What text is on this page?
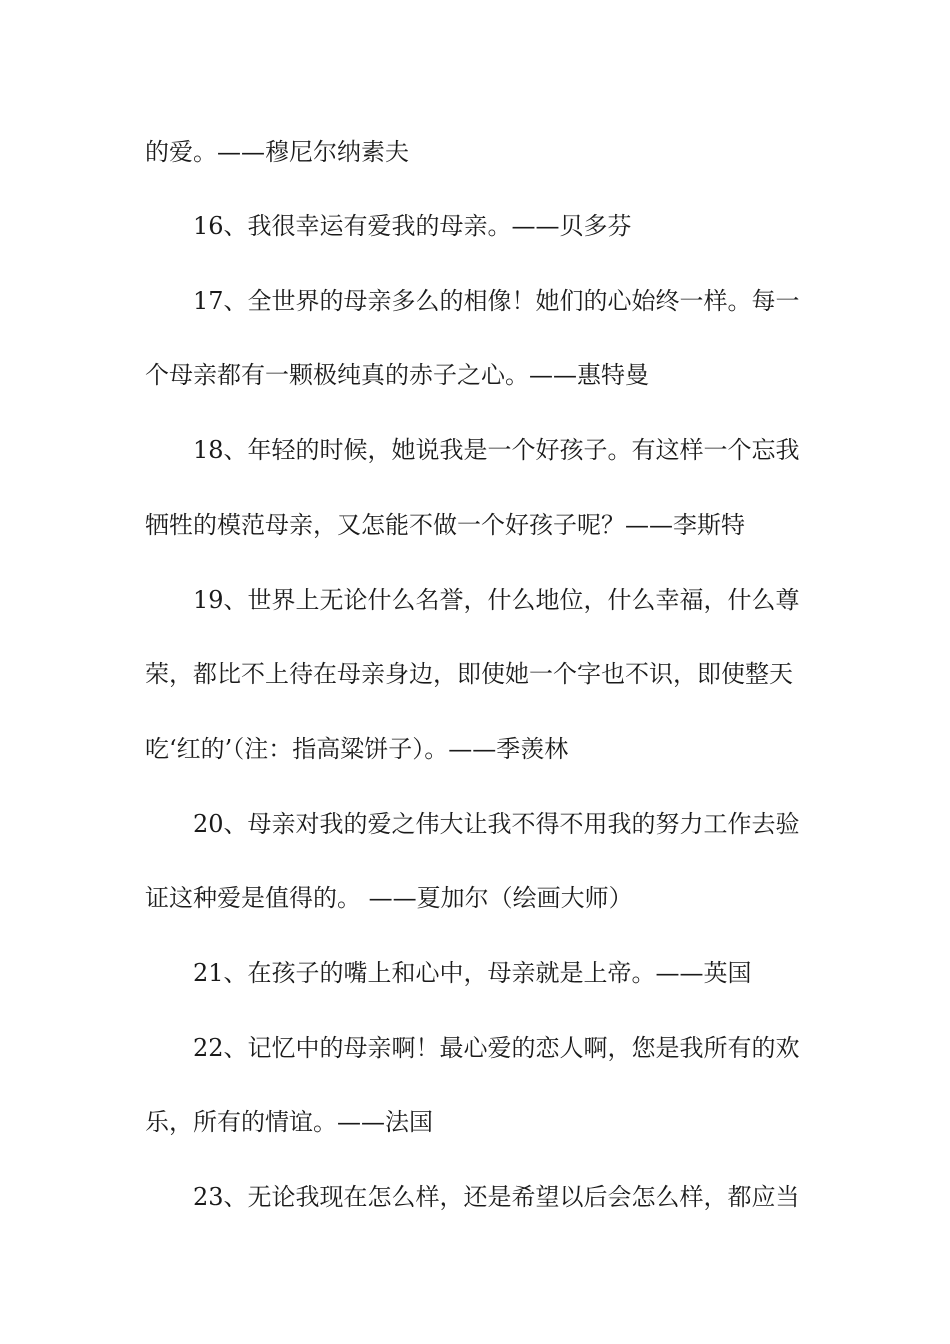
的爱。——穆尼尔纳素夫
16、我很幸运有爱我的母亲。——贝多芬
17、全世界的母亲多么的相像！她们的心始终一样。每一
个母亲都有一颗极纯真的赤子之心。——惠特曼
18、年轻的时候，她说我是一个好孩子。有这样一个忘我
牺牲的模范母亲，又怎能不做一个好孩子呢？——李斯特
19、世界上无论什么名誉，什么地位，什么幸福，什么尊
荣，都比不上待在母亲身边，即使她一个字也不识，即使整天
吃‘红的’（注：指高粱饼子）。——季羡林
20、母亲对我的爱之伟大让我不得不用我的努力工作去验
证这种爱是值得的。 ——夏加尔（绘画大师）
21、在孩子的嘴上和心中，母亲就是上帝。——英国
22、记忆中的母亲啊！最心爱的恋人啊，您是我所有的欢
乐，所有的情谊。——法国
23、无论我现在怎么样，还是希望以后会怎么样，都应当
